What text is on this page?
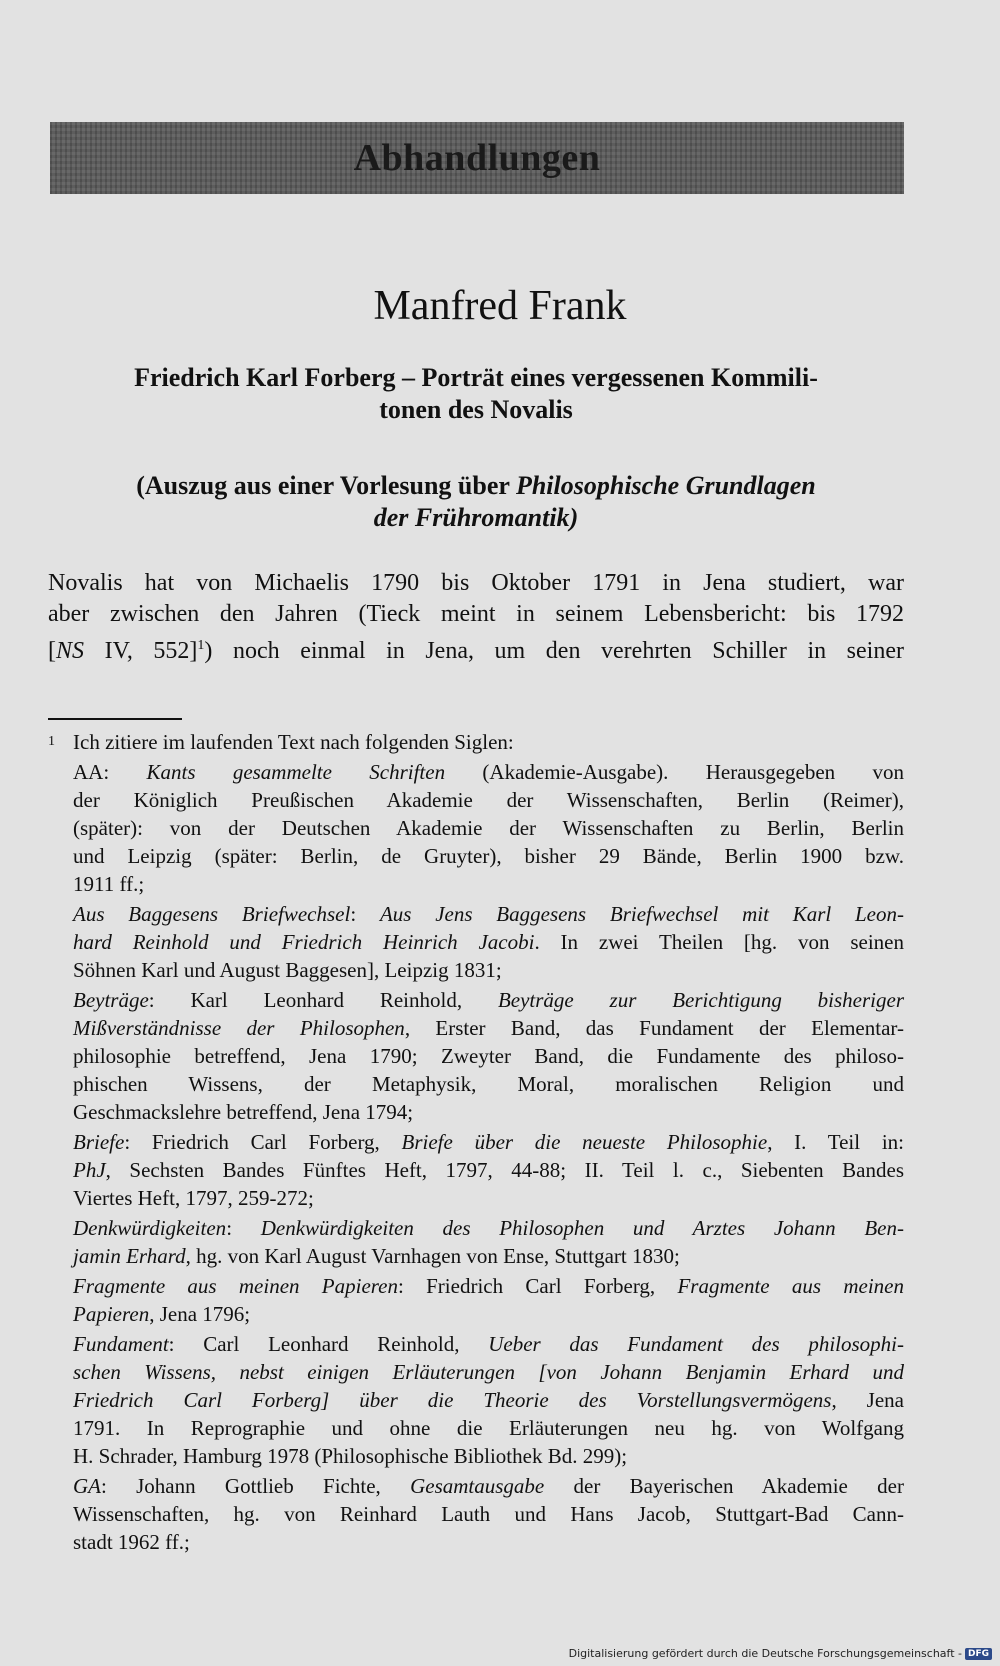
Abhandlungen
Manfred Frank
Friedrich Karl Forberg – Porträt eines vergessenen Kommili-
tonen des Novalis
(Auszug aus einer Vorlesung über Philosophische Grundlagen
der Frühromantik)
Novalis hat von Michaelis 1790 bis Oktober 1791 in Jena studiert, war
aber zwischen den Jahren (Tieck meint in seinem Lebensbericht: bis 1792
[NS IV, 552]$^1$) noch einmal in Jena, um den verehrten Schiller in seiner
1 Ich zitiere im laufenden Text nach folgenden Siglen:
AA: Kants gesammelte Schriften (Akademie-Ausgabe). Herausgegeben von
der Königlich Preußischen Akademie der Wissenschaften, Berlin (Reimer),
(später): von der Deutschen Akademie der Wissenschaften zu Berlin, Berlin
und Leipzig (später: Berlin, de Gruyter), bisher 29 Bände, Berlin 1900 bzw.
1911 ff.;
Aus Baggesens Briefwechsel: Aus Jens Baggesens Briefwechsel mit Karl Leon-
hard Reinhold und Friedrich Heinrich Jacobi. In zwei Theilen [hg. von seinen
Söhnen Karl und August Baggesen], Leipzig 1831;
Beyträge: Karl Leonhard Reinhold, Beyträge zur Berichtigung bisheriger
Mißverständnisse der Philosophen, Erster Band, das Fundament der Elementar-
philosophie betreffend, Jena 1790; Zweyter Band, die Fundamente des philoso-
phischen Wissens, der Metaphysik, Moral, moralischen Religion und
Geschmackslehre betreffend, Jena 1794;
Briefe: Friedrich Carl Forberg, Briefe über die neueste Philosophie, I. Teil in:
PhJ, Sechsten Bandes Fünftes Heft, 1797, 44-88; II. Teil l. c., Siebenten Bandes
Viertes Heft, 1797, 259-272;
Denkwürdigkeiten: Denkwürdigkeiten des Philosophen und Arztes Johann Ben-
jamin Erhard, hg. von Karl August Varnhagen von Ense, Stuttgart 1830;
Fragmente aus meinen Papieren: Friedrich Carl Forberg, Fragmente aus meinen
Papieren, Jena 1796;
Fundament: Carl Leonhard Reinhold, Ueber das Fundament des philosophi-
schen Wissens, nebst einigen Erläuterungen [von Johann Benjamin Erhard und
Friedrich Carl Forberg] über die Theorie des Vorstellungsvermögens, Jena
1791. In Reprographie und ohne die Erläuterungen neu hg. von Wolfgang
H. Schrader, Hamburg 1978 (Philosophische Bibliothek Bd. 299);
GA: Johann Gottlieb Fichte, Gesamtausgabe der Bayerischen Akademie der
Wissenschaften, hg. von Reinhard Lauth und Hans Jacob, Stuttgart-Bad Cann-
stadt 1962 ff.;
Digitalisierung gefördert durch die Deutsche Forschungsgemeinschaft - DFG
